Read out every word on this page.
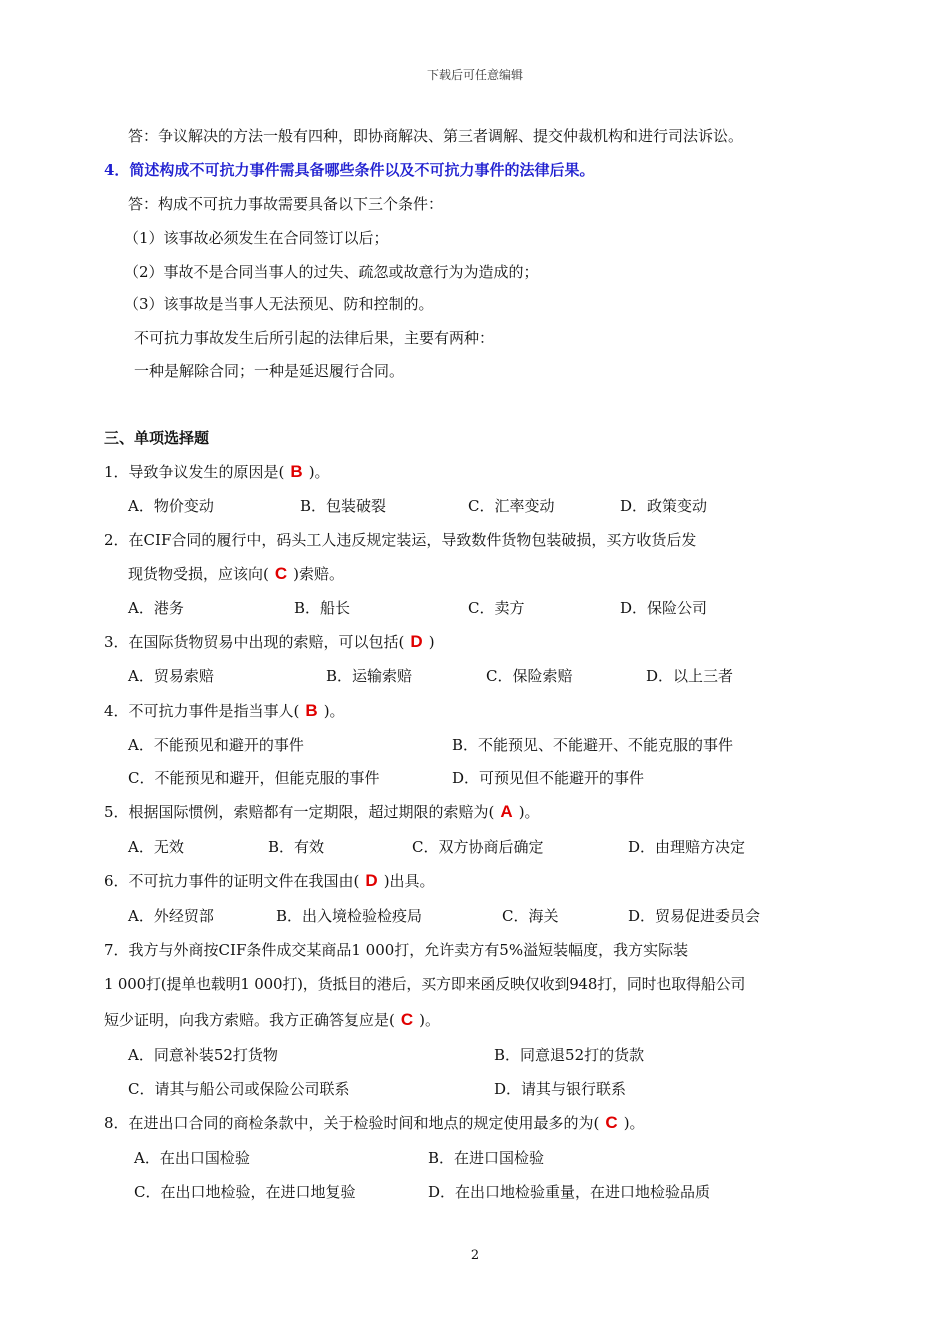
下载后可任意编辑
答：争议解决的方法一般有四种，即协商解决、第三者调解、提交仲裁机构和进行司法诉讼。
4．简述构成不可抗力事件需具备哪些条件以及不可抗力事件的法律后果。
答：构成不可抗力事故需要具备以下三个条件：
（1）该事故必须发生在合同签订以后；
（2）事故不是合同当事人的过失、疏忽或故意行为为造成的；
（3）该事故是当事人无法预见、防和控制的。
不可抗力事故发生后所引起的法律后果，主要有两种：
一种是解除合同；一种是延迟履行合同。
三、单项选择题
1．导致争议发生的原因是( B )。
A．物价变动	B．包装破裂	C．汇率变动	D．政策变动
2．在CIF合同的履行中，码头工人违反规定装运，导致数件货物包装破损，买方收货后发
现货物受损，应该向( C )索赔。
A．港务	B．船长	C．卖方	D．保险公司
3．在国际货物贸易中出现的索赔，可以包括( D )
A．贸易索赔	B．运输索赔	C．保险索赔	D．以上三者
4．不可抗力事件是指当事人( B )。
A．不能预见和避开的事件	B．不能预见、不能避开、不能克服的事件
C．不能预见和避开，但能克服的事件	D．可预见但不能避开的事件
5．根据国际惯例，索赔都有一定期限，超过期限的索赔为( A )。
A．无效	B．有效	C．双方协商后确定	D．由理赔方决定
6．不可抗力事件的证明文件在我国由( D )出具。
A．外经贸部	B．出入境检验检疫局	C．海关	D．贸易促进委员会
7．我方与外商按CIF条件成交某商品1 000打，允许卖方有5%溢短装幅度，我方实际装
1 000打(提单也载明1 000打)，货抵目的港后，买方即来函反映仅收到948打，同时也取得船公司
短少证明，向我方索赔。我方正确答复应是( C )。
A．同意补装52打货物	B．同意退52打的货款
C．请其与船公司或保险公司联系	D．请其与银行联系
8．在进出口合同的商检条款中，关于检验时间和地点的规定使用最多的为( C )。
A．在出口国检验	B．在进口国检验
C．在出口地检验，在进口地复验	D．在出口地检验重量，在进口地检验品质
2
